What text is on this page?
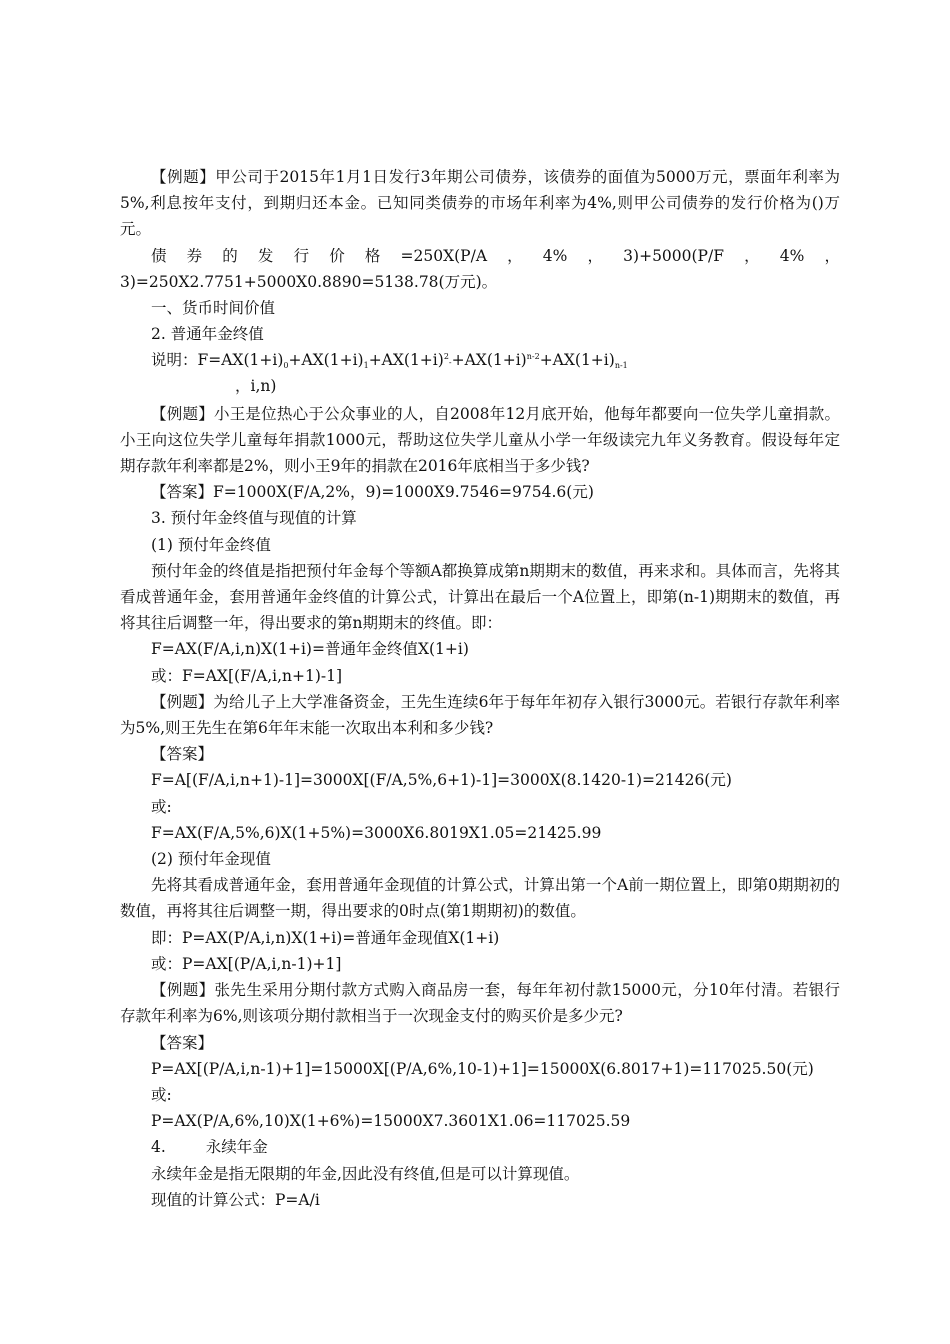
【例题】甲公司于2015年1月1日发行3年期公司债券，该债券的面值为5000万元，票面年利率为5%,利息按年支付，到期归还本金。已知同类债券的市场年利率为4%,则甲公司债券的发行价格为()万元。

债券的发行价格=250X(P/A，4%，3)+5000(P/F，4%，3)=250X2.7751+5000X0.8890=5138.78(万元)。

一、货币时间价值

2. 普通年金终值

说明：$F=AX(1+i)0+AX(1+i)1+AX(1+i)^2-+AX(1+i)^{n-2}+AX(1+i)n-1$
，i,n)

【例题】小王是位热心于公众事业的人，自2008年12月底开始，他每年都要向一位失学儿童捐款。小王向这位失学儿童每年捐款1000元，帮助这位失学儿童从小学一年级读完九年义务教育。假设每年定期存款年利率都是2%，则小王9年的捐款在2016年底相当于多少钱?

【答案】F=1000X(F/A,2%，9)=1000X9.7546=9754.6(元)

3. 预付年金终值与现值的计算

(1) 预付年金终值

预付年金的终值是指把预付年金每个等额A都换算成第n期期末的数值，再来求和。具体而言，先将其看成普通年金，套用普通年金终值的计算公式，计算出在最后一个A位置上，即第(n-1)期期末的数值，再将其往后调整一年，得出要求的第n期期末的终值。即：

F=AX(F/A,i,n)X(1+i)=普通年金终值X(1+i)

或：F=AX[(F/A,i,n+1)-1]

【例题】为给儿子上大学准备资金，王先生连续6年于每年年初存入银行3000元。若银行存款年利率为5%,则王先生在第6年年末能一次取出本利和多少钱?

【答案】

F=A[(F/A,i,n+1)-1]=3000X[(F/A,5%,6+1)-1]=3000X(8.1420-1)=21426(元)

或:

F=AX(F/A,5%,6)X(1+5%)=3000X6.8019X1.05=21425.99

(2) 预付年金现值

先将其看成普通年金，套用普通年金现值的计算公式，计算出第一个A前一期位置上，即第0期期初的数值，再将其往后调整一期，得出要求的0时点(第1期期初)的数值。

即：P=AX(P/A,i,n)X(1+i)=普通年金现值X(1+i)

或：P=AX[(P/A,i,n-1)+1]

【例题】张先生采用分期付款方式购入商品房一套，每年年初付款15000元，分10年付清。若银行存款年利率为6%,则该项分期付款相当于一次现金支付的购买价是多少元?

【答案】

P=AX[(P/A,i,n-1)+1]=15000X[(P/A,6%,10-1)+1]=15000X(6.8017+1)=117025.50(元)

或:

P=AX(P/A,6%,10)X(1+6%)=15000X7.3601X1.06=117025.59

4.	永续年金

永续年金是指无限期的年金,因此没有终值,但是可以计算现值。

现值的计算公式：P=A/i
